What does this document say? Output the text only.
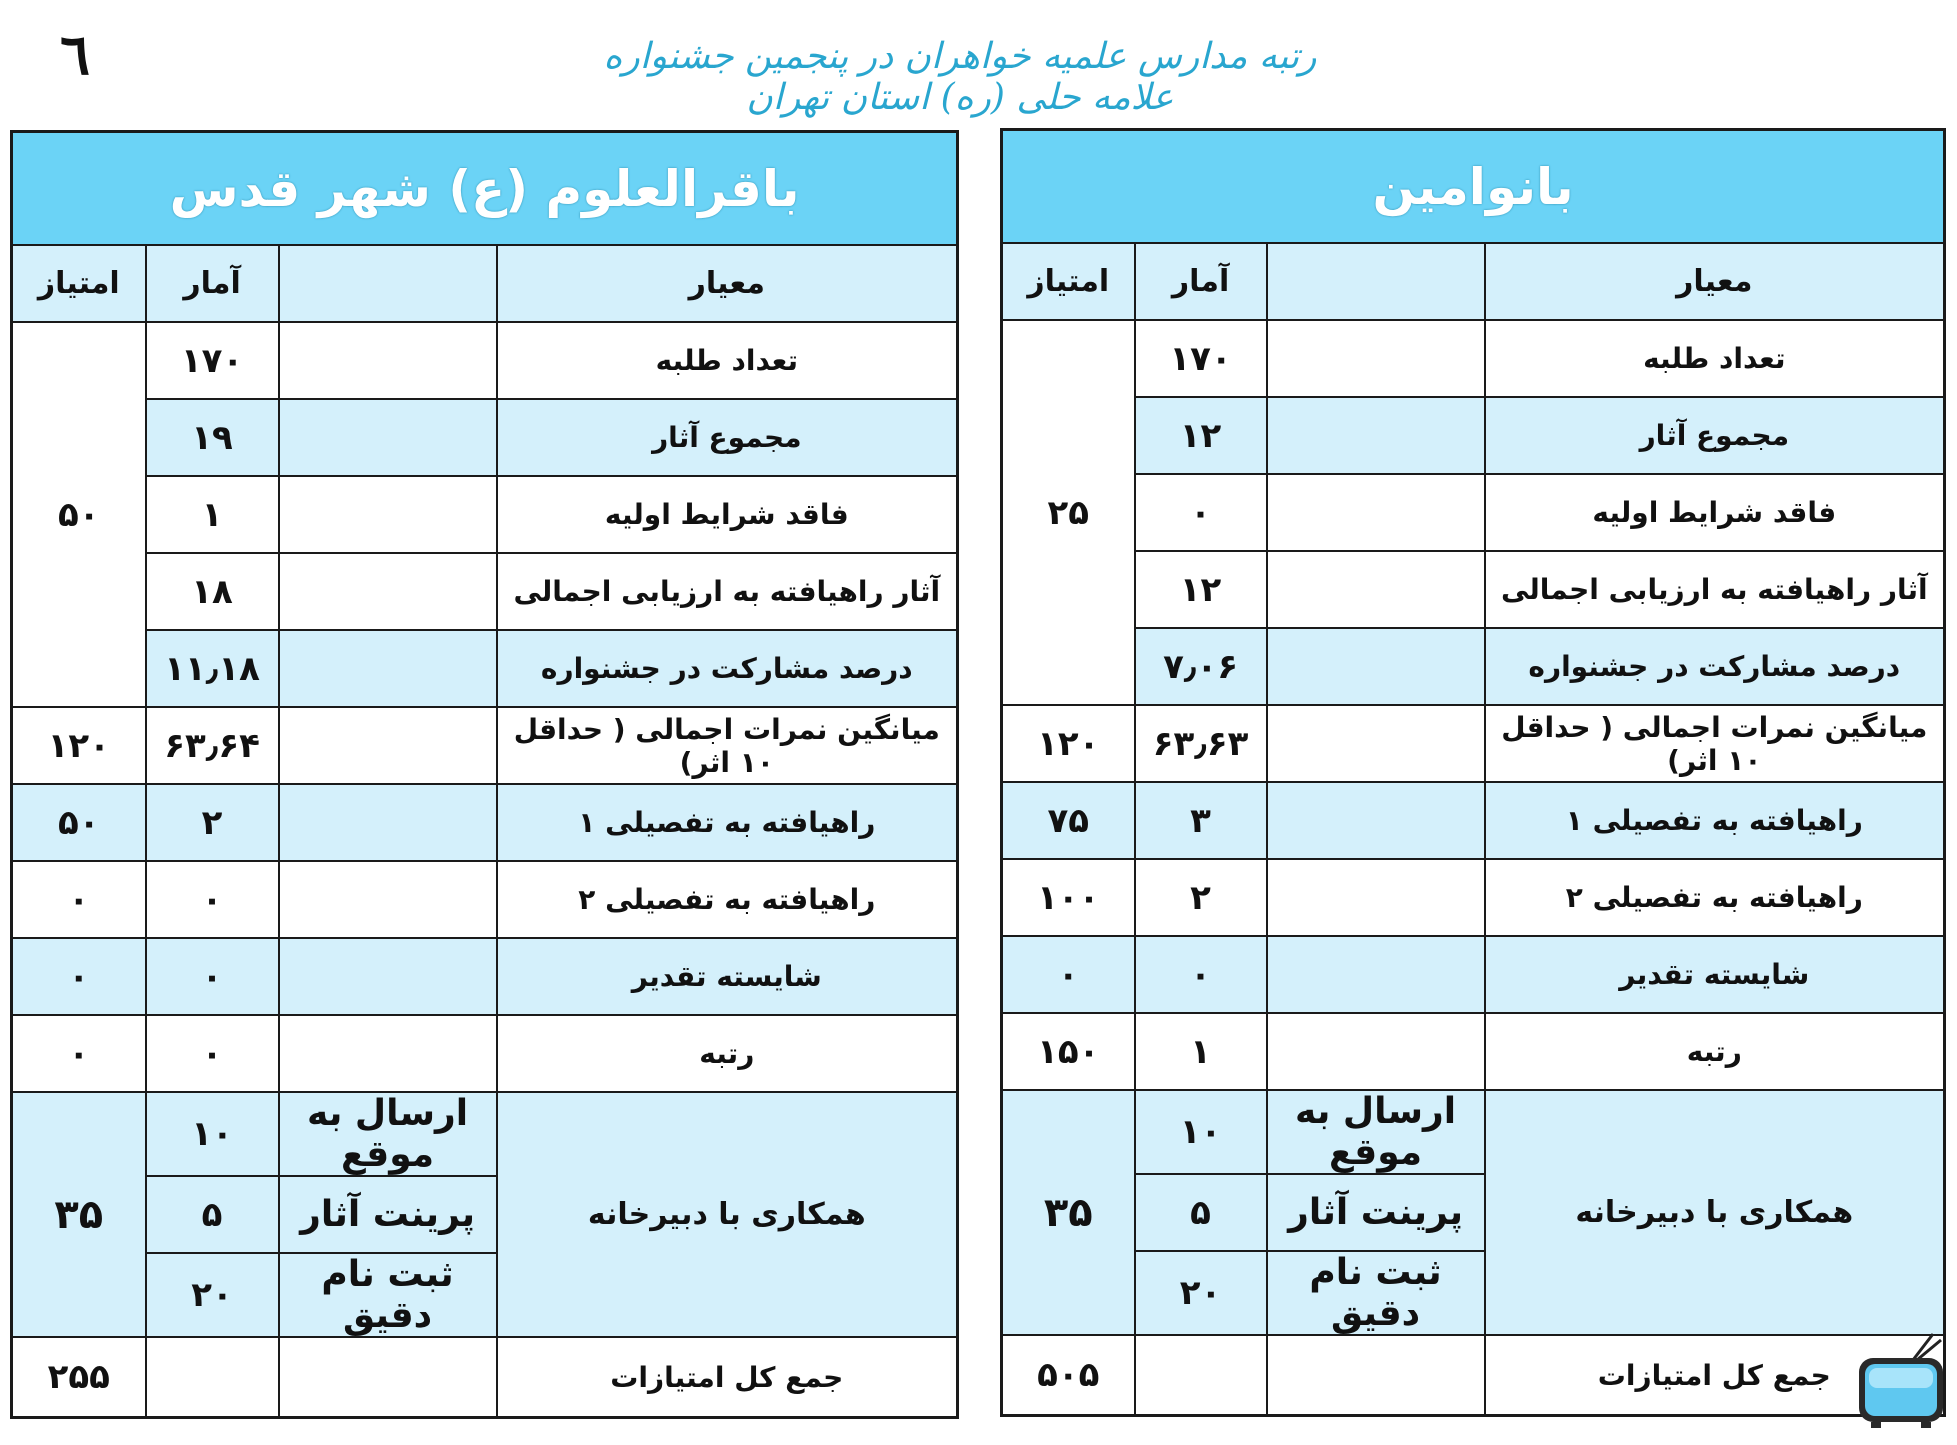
٦	رتبه مدارس علمیه خواهران در پنجمین جشنواره علامه حلی (ره) استان تهران
بانوامین			
معیار		آمار	امتیاز
تعداد طلبه		۱۷۰	۲۵
مجموع آثار		۱۲	
فاقد شرایط اولیه		۰	
آثار راهیافته به ارزیابی اجمالی		۱۲	
درصد مشارکت در جشنواره		۷٫۰۶	
میانگین نمرات اجمالی ( حداقل ۱۰ اثر)		۶۳٫۶۳	۱۲۰
راهیافته به تفصیلی ۱		۳	۷۵
راهیافته به تفصیلی ۲		۲	۱۰۰
شایسته تقدیر		۰	۰
رتبه		۱	۱۵۰
همکاری با دبیرخانه	ارسال به موقع	۱۰	۳۵
	پرینت آثار	۵	
	ثبت نام دقیق	۲۰	
جمع کل امتیازات			۵۰۵
باقرالعلوم (ع) شهر قدس			
معیار		آمار	امتیاز
تعداد طلبه		۱۷۰	۵۰
مجموع آثار		۱۹	
فاقد شرایط اولیه		۱	
آثار راهیافته به ارزیابی اجمالی		۱۸	
درصد مشارکت در جشنواره		۱۱٫۱۸	
میانگین نمرات اجمالی ( حداقل ۱۰ اثر)		۶۳٫۶۴	۱۲۰
راهیافته به تفصیلی ۱		۲	۵۰
راهیافته به تفصیلی ۲		۰	۰
شایسته تقدیر		۰	۰
رتبه		۰	۰
همکاری با دبیرخانه	ارسال به موقع	۱۰	۳۵
	پرینت آثار	۵	
	ثبت نام دقیق	۲۰	
جمع کل امتیازات			۲۵۵
